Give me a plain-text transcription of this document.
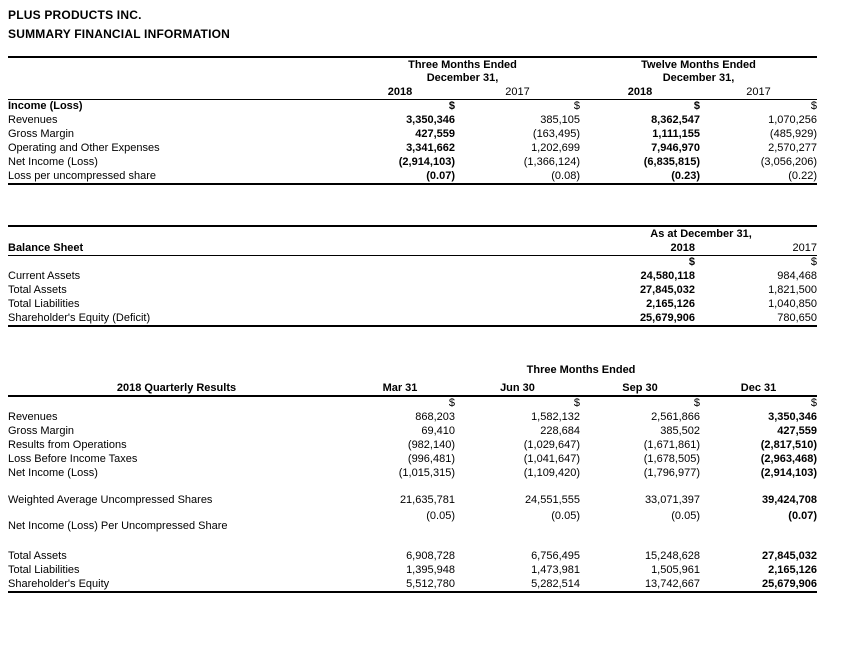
PLUS PRODUCTS INC.
SUMMARY FINANCIAL INFORMATION
	Three Months Ended		Twelve Months Ended	
	December 31,		December 31,	
	2018	2017	2018	2017
Income (Loss)	$	$	$	$
Revenues	3,350,346	385,105	8,362,547	1,070,256
Gross Margin	427,559	(163,495)	1,111,155	(485,929)
Operating and Other Expenses	3,341,662	1,202,699	7,946,970	2,570,277
Net Income (Loss)	(2,914,103)	(1,366,124)	(6,835,815)	(3,056,206)
Loss per uncompressed share	(0.07)	(0.08)	(0.23)	(0.22)
	As at December 31,	
Balance Sheet	2018	2017
	$	$
Current Assets	24,580,118	984,468
Total Assets	27,845,032	1,821,500
Total Liabilities	2,165,126	1,040,850
Shareholder's Equity (Deficit)	25,679,906	780,650
	Three Months Ended			
2018 Quarterly Results	Mar 31	Jun 30	Sep 30	Dec 31
	$	$	$	$
Revenues	868,203	1,582,132	2,561,866	3,350,346
Gross Margin	69,410	228,684	385,502	427,559
Results from Operations	(982,140)	(1,029,647)	(1,671,861)	(2,817,510)
Loss Before Income Taxes	(996,481)	(1,041,647)	(1,678,505)	(2,963,468)
Net Income (Loss)	(1,015,315)	(1,109,420)	(1,796,977)	(2,914,103)

Weighted Average Uncompressed Shares	21,635,781	24,551,555	33,071,397	39,424,708
Net Income (Loss) Per Uncompressed Share	(0.05)	(0.05)	(0.05)	(0.07)

Total Assets	6,908,728	6,756,495	15,248,628	27,845,032
Total Liabilities	1,395,948	1,473,981	1,505,961	2,165,126
Shareholder's Equity	5,512,780	5,282,514	13,742,667	25,679,906
